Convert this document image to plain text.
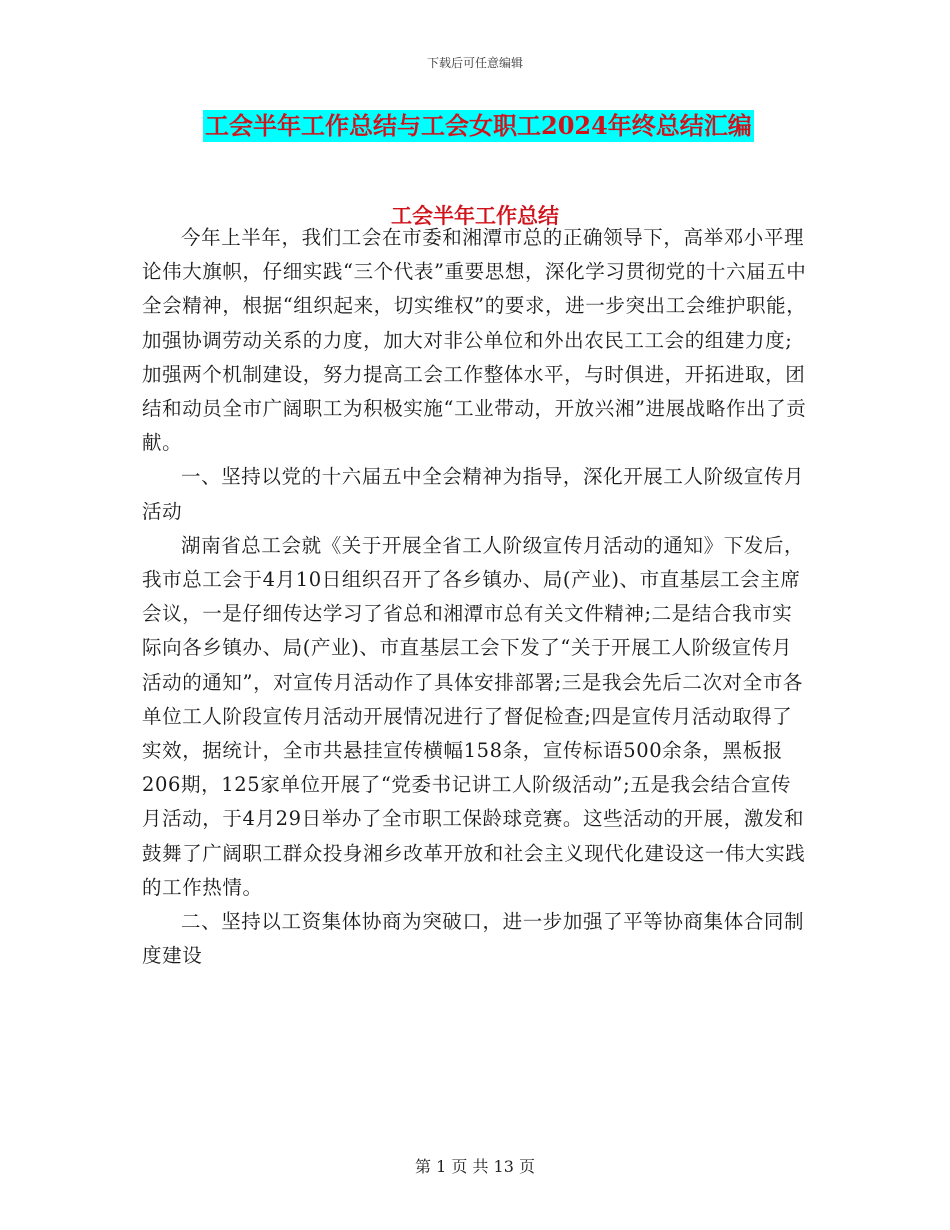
下载后可任意编辑
工会半年工作总结与工会女职工2024年终总结汇编
工会半年工作总结

今年上半年，我们工会在市委和湘潭市总的正确领导下，高举邓小平理论伟大旗帜，仔细实践“三个代表”重要思想，深化学习贯彻党的十六届五中全会精神，根据“组织起来，切实维权”的要求，进一步突出工会维护职能，加强协调劳动关系的力度，加大对非公单位和外出农民工工会的组建力度;加强两个机制建设，努力提高工会工作整体水平，与时俱进，开拓进取，团结和动员全市广阔职工为积极实施“工业带动，开放兴湘”进展战略作出了贡献。

一、坚持以党的十六届五中全会精神为指导，深化开展工人阶级宣传月活动

湖南省总工会就《关于开展全省工人阶级宣传月活动的通知》下发后，我市总工会于4月10日组织召开了各乡镇办、局(产业)、市直基层工会主席会议，一是仔细传达学习了省总和湘潭市总有关文件精神;二是结合我市实际向各乡镇办、局(产业)、市直基层工会下发了“关于开展工人阶级宣传月活动的通知”，对宣传月活动作了具体安排部署;三是我会先后二次对全市各单位工人阶段宣传月活动开展情况进行了督促检查;四是宣传月活动取得了实效，据统计，全市共悬挂宣传横幅158条，宣传标语500余条，黑板报206期，125家单位开展了“党委书记讲工人阶级活动”;五是我会结合宣传月活动，于4月29日举办了全市职工保龄球竞赛。这些活动的开展，激发和鼓舞了广阔职工群众投身湘乡改革开放和社会主义现代化建设这一伟大实践的工作热情。

二、坚持以工资集体协商为突破口，进一步加强了平等协商集体合同制度建设

第 1 页 共 13 页
